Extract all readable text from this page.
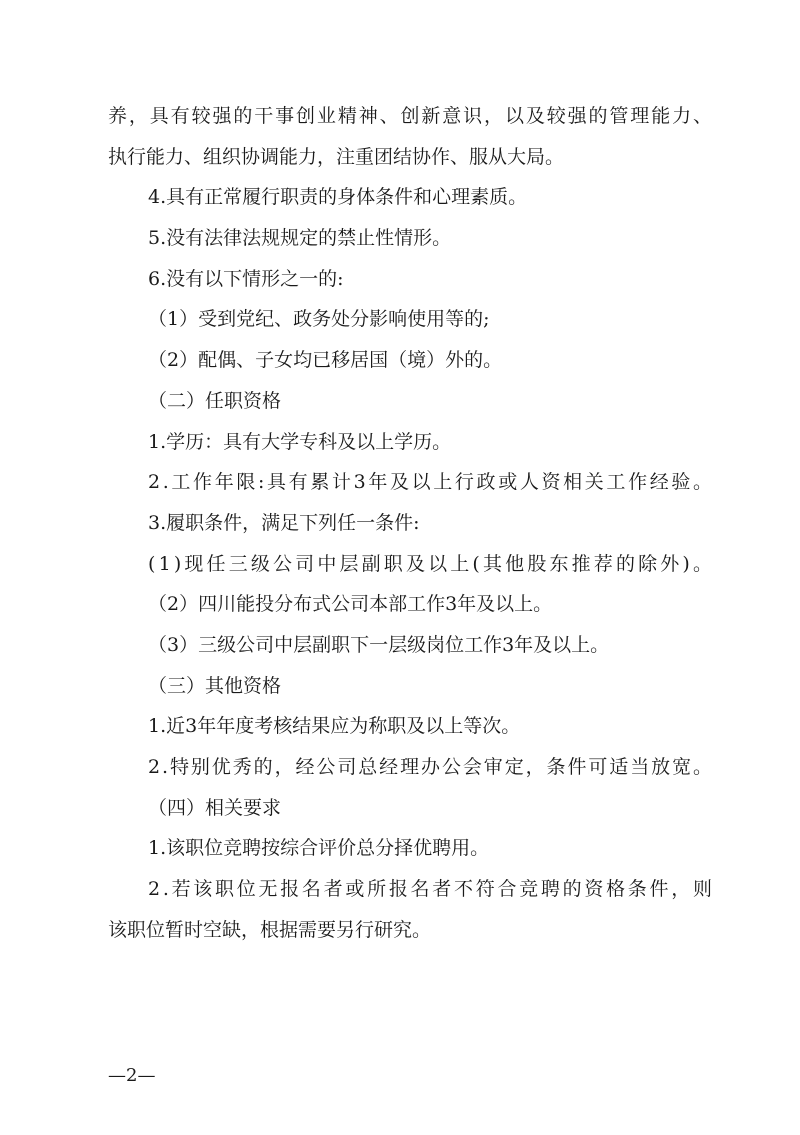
养，具有较强的干事创业精神、创新意识，以及较强的管理能力、
执行能力、组织协调能力，注重团结协作、服从大局。
4.具有正常履行职责的身体条件和心理素质。
5.没有法律法规规定的禁止性情形。
6.没有以下情形之一的:
（1）受到党纪、政务处分影响使用等的;
（2）配偶、子女均已移居国（境）外的。
（二）任职资格
1.学历：具有大学专科及以上学历。
2.工作年限:具有累计3年及以上行政或人资相关工作经验。
3.履职条件，满足下列任一条件:
(1)现任三级公司中层副职及以上(其他股东推荐的除外)。
（2）四川能投分布式公司本部工作3年及以上。
（3）三级公司中层副职下一层级岗位工作3年及以上。
（三）其他资格
1.近3年年度考核结果应为称职及以上等次。
2.特别优秀的，经公司总经理办公会审定，条件可适当放宽。
（四）相关要求
1.该职位竞聘按综合评价总分择优聘用。
2.若该职位无报名者或所报名者不符合竞聘的资格条件，则
该职位暂时空缺，根据需要另行研究。
—2—
